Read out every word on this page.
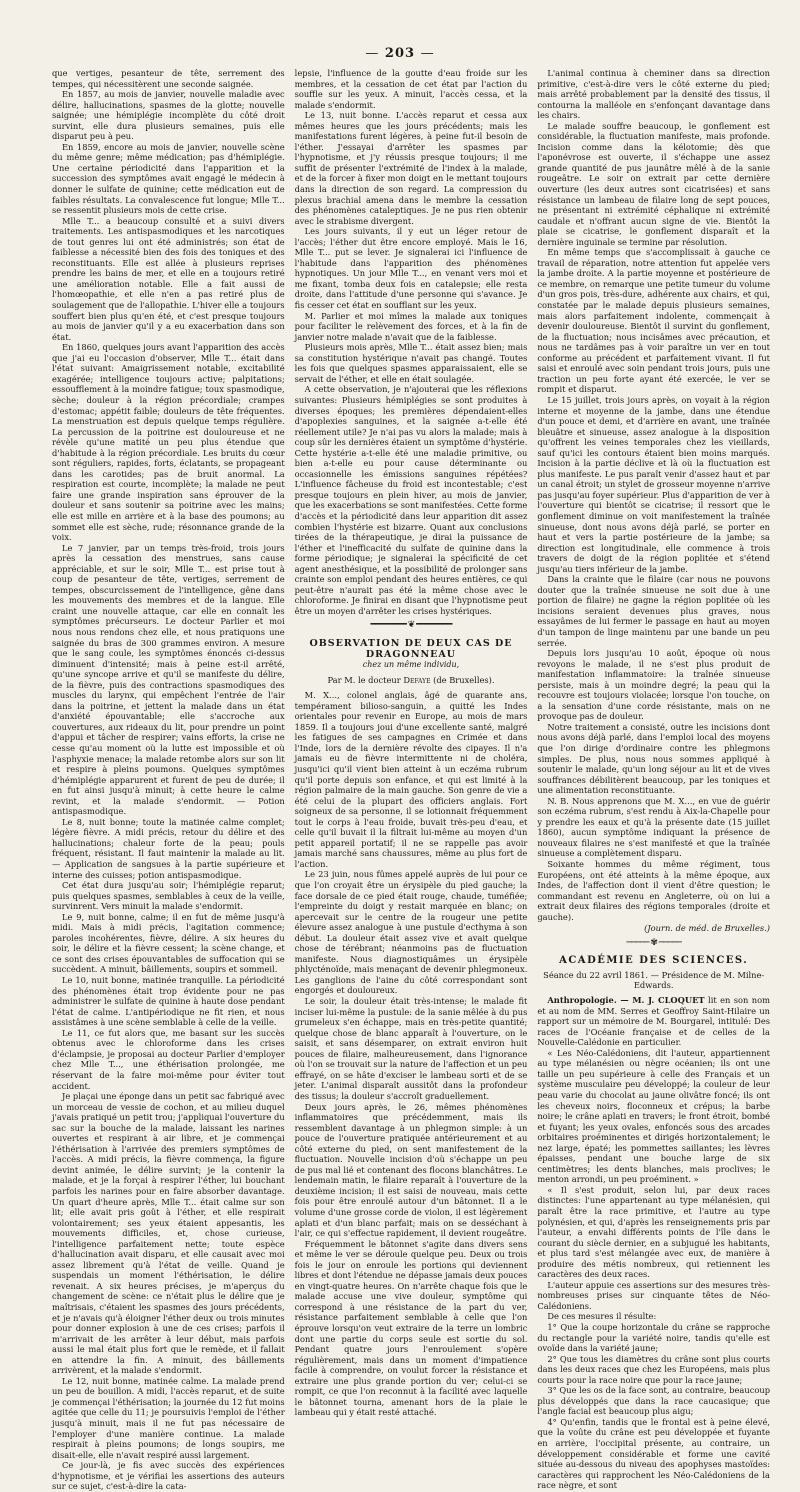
— 203 —

que vertiges, pesanteur de tête, serrement des tempes, qui nécessitèrent une seconde saignée.

En 1857, au mois de janvier, nouvelle maladie avec délire, hallucinations, spasmes de la glotte; nouvelle saignée; une hémiplégie incomplète du côté droit survint, elle dura plusieurs semaines, puis elle disparut peu à peu.

En 1859, encore au mois de janvier, nouvelle scène du même genre; même médication; pas d'hémiplégie. Une certaine périodicité dans l'apparition et la succession des symptômes avait engagé le médecin à donner le sulfate de quinine; cette médication eut de faibles résultats. La convalescence fut longue; Mlle T... se ressentit plusieurs mois de cette crise.

Mlle T... a beaucoup consulté et a suivi divers traitements. Les antispasmodiques et les narcotiques de tout genres lui ont été administrés; son état de faiblesse a nécessité bien des fois des toniques et des reconstituants. Elle est allée à plusieurs reprises prendre les bains de mer, et elle en a toujours retiré une amélioration notable. Elle a fait aussi de l'homœopathie, et elle n'en a pas retiré plus de soulagement que de l'allopathie. L'hiver elle a toujours souffert bien plus qu'en été, et c'est presque toujours au mois de janvier qu'il y a eu exacerbation dans son état.

En 1860, quelques jours avant l'apparition des accès que j'ai eu l'occasion d'observer, Mlle T... était dans l'état suivant: Amaigrissement notable, excitabilité exagérée; intelligence toujours active; palpitations; essoufflement à la moindre fatigue; toux spasmodique, sèche; douleur à la région précordiale; crampes d'estomac; appétit faible; douleurs de tête fréquentes. La menstruation est depuis quelque temps régulière. La percussion de la poitrine est douloureuse et ne révèle qu'une matité un peu plus étendue que d'habitude à la région précordiale. Les bruits du cœur sont réguliers, rapides, forts, éclatants, se propageant dans les carotides; pas de bruit anormal. La respiration est courte, incomplète; la malade ne peut faire une grande inspiration sans éprouver de la douleur et sans soutenir sa poitrine avec les mains; elle est mille en arrière et à la base des poumons; au sommet elle est sèche, rude; résonnance grande de la voix.

Le 7 janvier, par un temps très-froid, trois jours après la cessation des menstrues, sans cause appréciable, et sur le soir, Mlle T... est prise tout à coup de pesanteur de tête, vertiges, serrement de tempes, obscurcissement de l'intelligence, gêne dans les mouvements des membres et de la langue. Elle craint une nouvelle attaque, car elle en connaît les symptômes précurseurs. Le docteur Parlier et moi nous nous rendons chez elle, et nous pratiquons une saignée du bras de 300 grammes environ. A mesure que le sang coule, les symptômes énoncés ci-dessus diminuent d'intensité; mais à peine est-il arrêté, qu'une syncope arrive et qu'il se manifeste du délire, de la fièvre, puis des contractions spasmodiques des muscles du larynx, qui empêchent l'entrée de l'air dans la poitrine, et jettent la malade dans un état d'anxiété épouvantable; elle s'accroche aux couvertures, aux rideaux du lit, pour prendre un point d'appui et tâcher de respirer; vains efforts, la crise ne cesse qu'au moment où la lutte est impossible et où l'asphyxie menace; la malade retombe alors sur son lit et respire à pleins poumons. Quelques symptômes d'hémiplégie apparurent et furent de peu de durée; il en fut ainsi jusqu'à minuit; à cette heure le calme revint, et la malade s'endormit. — Potion antispasmodique.

Le 8, nuit bonne; toute la matinée calme complet; légère fièvre. A midi précis, retour du délire et des hallucinations; chaleur forte de la peau; pouls fréquent, résistant. Il faut maintenir la malade au lit. — Application de sangsues à la partie supérieure et interne des cuisses; potion antispasmodique.

Cet état dura jusqu'au soir; l'hémiplégie reparut; puis quelques spasmes, semblables à ceux de la veille, survinrent. Vers minuit la malade s'endormit.

Le 9, nuit bonne, calme; il en fut de même jusqu'à midi. Mais à midi précis, l'agitation commence; paroles incohérentes, fièvre, délire. A six heures du soir, le délire et la fièvre cessent; la scène change, et ce sont des crises épouvantables de suffocation qui se succèdent. A minuit, bâillements, soupirs et sommeil.

Le 10, nuit bonne, matinée tranquille. La périodicité des phénomènes était trop évidente pour ne pas administrer le sulfate de quinine à haute dose pendant l'état de calme. L'antipériodique ne fit rien, et nous assistâmes à une scène semblable à celle de la veille.

Le 11, ce fut alors que, me basant sur les succès obtenus avec le chloroforme dans les crises d'éclampsie, je proposai au docteur Parlier d'employer chez Mlle T..., une éthérisation prolongée, me réservant de la faire moi-même pour éviter tout accident.

Je plaçai une éponge dans un petit sac fabriqué avec un morceau de vessie de cochon, et au milieu duquel j'avais pratiqué un petit trou; j'appliquai l'ouverture du sac sur la bouche de la malade, laissant les narines ouvertes et respirant à air libre, et je commençai l'éthérisation à l'arrivée des premiers symptômes de l'accès. A midi précis, la fièvre commença, la figure devint animée, le délire survint; je la contenir la malade, et je la forçai à respirer l'éther, lui bouchant parfois les narines pour en faire absorber davantage. Un quart d'heure après, Mlle T... était calme sur son lit; elle avait pris goût à l'éther, et elle respirait volontairement; ses yeux étaient appesantis, les mouvements difficiles, et, chose curieuse, l'intelligence parfaitement nette; toute espèce d'hallucination avait disparu, et elle causait avec moi assez librement qu'à l'état de veille. Quand je suspendais un moment l'éthérisation, le délire revenait. A six heures précises, je m'aperçus du changement de scène: ce n'était plus le délire que je maîtrisais, c'étaient les spasmes des jours précédents, et je n'avais qu'à éloigner l'éther deux ou trois minutes pour donner explosion à une de ces crises; parfois il m'arrivait de les arrêter à leur début, mais parfois aussi le mal était plus fort que le remède, et il fallait en attendre la fin. A minuit, des bâillements arrivèrent, et la malade s'endormit.

Le 12, nuit bonne, matinée calme. La malade prend un peu de bouillon. A midi, l'accès reparut, et de suite je commençai l'éthérisation; la journée du 12 fut moins agitée que celle du 11; je poursuivis l'emploi de l'éther jusqu'à minuit, mais il ne fut pas nécessaire de l'employer d'une manière continue. La malade respirait à pleins poumons; de longs soupirs, me disait-elle, elle n'avait respiré aussi largement.

Ce jour-là, je fis avec succès des expériences d'hypnotisme, et je vérifiai les assertions des auteurs sur ce sujet, c'est-à-dire la cata-

lepsie, l'influence de la goutte d'eau froide sur les membres, et la cessation de cet état par l'action du souffle sur les yeux. A minuit, l'accès cessa, et la malade s'endormit.

Le 13, nuit bonne. L'accès reparut et cessa aux mêmes heures que les jours précédents; mais les manifestations furent légères, à peine fut-il besoin de l'éther. J'essayai d'arrêter les spasmes par l'hypnotisme, et j'y réussis presque toujours; il me suffit de présenter l'extrémité de l'index à la malade, et de la forcer à fixer mon doigt en le mettant toujours dans la direction de son regard. La compression du plexus brachial amena dans le membre la cessation des phénomènes cataleptiques. Je ne pus rien obtenir avec le strabisme divergent.

Les jours suivants, il y eut un léger retour de l'accès; l'éther dut être encore employé. Mais le 16, Mlle T... put se lever. Je signalerai ici l'influence de l'habitude dans l'apparition des phénomènes hypnotiques. Un jour Mlle T..., en venant vers moi et me fixant, tomba deux fois en catalepsie; elle resta droite, dans l'attitude d'une personne qui s'avance. Je fis cesser cet état en soufflant sur les yeux.

M. Parlier et moi mîmes la malade aux toniques pour faciliter le relèvement des forces, et à la fin de janvier notre malade n'avait que de la faiblesse.

Plusieurs mois après, Mlle T... était assez bien; mais sa constitution hystérique n'avait pas changé. Toutes les fois que quelques spasmes apparaissaient, elle se servait de l'éther, et elle en était soulagée.

A cette observation, je n'ajouterai que les réflexions suivantes: Plusieurs hémiplégies se sont produites à diverses époques; les premières dépendaient-elles d'apoplexies sanguines, et la saignée a-t-elle été réellement utile? Je n'ai pas vu alors la malade; mais à coup sûr les dernières étaient un symptôme d'hystérie. Cette hystérie a-t-elle été une maladie primitive, ou bien a-t-elle eu pour cause déterminante ou occasionnelle les émissions sanguines répétées? L'influence fâcheuse du froid est incontestable; c'est presque toujours en plein hiver, au mois de janvier, que les exacerbations se sont manifestées. Cette forme d'accès et la périodicité dans leur apparition dit assez combien l'hystérie est bizarre. Quant aux conclusions tirées de la thérapeutique, je dirai la puissance de l'éther et l'inefficacité du sulfate de quinine dans la forme périodique; je signalerai la spécificité de cet agent anesthésique, et la possibilité de prolonger sans crainte son emploi pendant des heures entières, ce qui peut-être n'aurait pas été la même chose avec le chloroforme. Je finirai en disant que l'hypnotisme peut être un moyen d'arrêter les crises hystériques.

━━━━━━━━ ❦ ━━━━━━━━
OBSERVATION DE DEUX CAS DE DRAGONNEAU
chez un même individu,
Par M. le docteur Defaye (de Bruxelles).

M. X..., colonel anglais, âgé de quarante ans, tempérament bilioso-sanguin, a quitté les Indes orientales pour revenir en Europe, au mois de mars 1859. Il a toujours joui d'une excellente santé, malgré les fatigues de ses campagnes en Crimée et dans l'Inde, lors de la dernière révolte des cipayes. Il n'a jamais eu de fièvre intermittente ni de choléra, jusqu'ici qu'il vient bien atteint à un eczéma rubrum qu'il porte depuis son enfance, et qui est limité à la région palmaire de la main gauche. Son genre de vie a été celui de la plupart des officiers anglais. Fort soigneux de sa personne, il se lotionnait fréquemment tout le corps à l'eau froide, buvait très-peu d'eau, et celle qu'il buvait il la filtrait lui-même au moyen d'un petit appareil portatif; il ne se rappelle pas avoir jamais marché sans chaussures, même au plus fort de l'action.

Le 23 juin, nous fûmes appelé auprès de lui pour ce que l'on croyait être un érysipèle du pied gauche; la face dorsale de ce pied était rouge, chaude, tuméfiée; l'empreinte du doigt y restait marquée en blanc; on apercevait sur le centre de la rougeur une petite élevure assez analogue à une pustule d'ecthyma à son début. La douleur était assez vive et avait quelque chose de térébrant; néanmoins pas de fluctuation manifeste. Nous diagnostiquâmes un érysipèle phlycténoïde, mais menaçant de devenir phlegmoneux. Les ganglions de l'aine du côté correspondant sont engorgés et douloureux.

Le soir, la douleur était très-intense; le malade fit inciser lui-même la pustule: de la sanie mêlée à du pus grumeleux s'en échappe, mais en très-petite quantité; quelque chose de blanc apparaît à l'ouverture, on le saisit, et sans désemparer, on extrait environ huit pouces de filaire, malheureusement, dans l'ignorance où l'on se trouvait sur la nature de l'affection et un peu effrayé, on se hâte d'exciser le lambeau sorti et de se jeter. L'animal disparaît aussitôt dans la profondeur des tissus; la douleur s'accroît graduellement.

Deux jours après, le 26, mêmes phénomènes inflammatoires que précédemment, mais ils ressemblent davantage à un phlegmon simple: à un pouce de l'ouverture pratiquée antérieurement et au côté externe du pied, on sent manifestement de la fluctuation. Nouvelle incision d'où s'échappe un peu de pus mal lié et contenant des flocons blanchâtres. Le lendemain matin, le filaire reparaît à l'ouverture de la deuxième incision; il est saisi de nouveau, mais cette fois pour être enroulé autour d'un bâtonnet. Il a le volume d'une grosse corde de violon, il est légèrement aplati et d'un blanc parfait; mais on se desséchant à l'air, ce qui s'effectue rapidement, il devient rougeâtre.

Fréquemment le bâtonnet s'agite dans divers sens et même le ver se déroule quelque peu. Deux ou trois fois le jour on enroule les portions qui deviennent libres et dont l'étendue ne dépasse jamais deux pouces en vingt-quatre heures. On n'arrête chaque fois que le malade accuse une vive douleur, symptôme qui correspond à une résistance de la part du ver, résistance parfaitement semblable à celle que l'on éprouve lorsqu'on veut extraire de la terre un lombric dont une partie du corps seule est sortie du sol. Pendant quatre jours l'enroulement s'opère régulièrement, mais dans un moment d'impatience facile à comprendre, on voulut forcer la résistance et extraire une plus grande portion du ver; celui-ci se rompit, ce que l'on reconnut à la facilité avec laquelle le bâtonnet tourna, amenant hors de la plaie le lambeau qui y était resté attaché.

L'animal continua à cheminer dans sa direction primitive, c'est-à-dire vers le côté externe du pied; mais arrêté probablement par la densité des tissus, il contourna la malléole en s'enfonçant davantage dans les chairs.

Le malade souffre beaucoup, le gonflement est considérable, la fluctuation manifeste, mais profonde. Incision comme dans la kélotomie; dès que l'aponévrose est ouverte, il s'échappe une assez grande quantité de pus jaunâtre mêlé à de la sanie rougeâtre. Le soir on extrait par cette dernière ouverture (les deux autres sont cicatrisées) et sans résistance un lambeau de filaire long de sept pouces, ne présentant ni extrémité céphalique ni extrémité caudale et n'offrant aucun signe de vie. Bientôt la plaie se cicatrise, le gonflement disparaît et la dernière inguinale se termine par résolution.

En même temps que s'accomplissait à gauche ce travail de réparation, notre attention fut appelée vers la jambe droite. A la partie moyenne et postérieure de ce membre, on remarque une petite tumeur du volume d'un gros pois, très-dure, adhérente aux chairs, et qui, constatée par le malade depuis plusieurs semaines, mais alors parfaitement indolente, commençait à devenir douloureuse. Bientôt il survint du gonflement, de la fluctuation; nous incisâmes avec précaution, et nous ne tardâmes pas à voir paraître un ver en tout conforme au précédent et parfaitement vivant. Il fut saisi et enroulé avec soin pendant trois jours, puis une traction un peu forte ayant été exercée, le ver se rompit et disparut.

Le 15 juillet, trois jours après, on voyait à la région interne et moyenne de la jambe, dans une étendue d'un pouce et demi, et d'arrière en avant, une traînée bleuâtre et sinueuse, assez analogue à la disposition qu'offrent les veines temporales chez les vieillards, sauf qu'ici les contours étaient bien moins marqués. Incision à la partie déclive et là où la fluctuation est plus manifeste. Le pus paraît venir d'assez haut et par un canal étroit; un stylet de grosseur moyenne n'arrive pas jusqu'au foyer supérieur. Plus d'apparition de ver à l'ouverture qui bientôt se cicatrise; il ressort que le gonflement diminue on voit manifestement la traînée sinueuse, dont nous avons déjà parlé, se porter en haut et vers la partie postérieure de la jambe; sa direction est longitudinale, elle commence à trois travers de doigt de la région poplitée et s'étend jusqu'au tiers inférieur de la jambe.

Dans la crainte que le filaire (car nous ne pouvons douter que la traînée sinueuse ne soit due à une portion de filaire) ne gagne la région poplitée où les incisions seraient devenues plus graves, nous essayâmes de lui fermer le passage en haut au moyen d'un tampon de linge maintenu par une bande un peu serrée.

Depuis lors jusqu'au 10 août, époque où nous revoyons le malade, il ne s'est plus produit de manifestation inflammatoire: la traînée sinueuse persiste, mais à un moindre degré; la peau qui la recouvre est toujours violacée; lorsque l'on touche, on a la sensation d'une corde résistante, mais on ne provoque pas de douleur.

Notre traitement a consisté, outre les incisions dont nous avons déjà parlé, dans l'emploi local des moyens que l'on dirige d'ordinaire contre les phlegmons simples. De plus, nous nous sommes appliqué à soutenir le malade, qu'un long séjour au lit et de vives souffrances débilitèrent beaucoup, par les toniques et une alimentation reconstituante.

N. B. Nous apprenons que M. X..., en vue de guérir son eczéma rubrum, s'est rendu à Aix-la-Chapelle pour y prendre les eaux et qu'à la présente date (15 juillet 1860), aucun symptôme indiquant la présence de nouveaux filaires ne s'est manifesté et que la traînée sinueuse a complètement disparu.

Soixante hommes du même régiment, tous Européens, ont été atteints à la même époque, aux Indes, de l'affection dont il vient d'être question; le commandant est revenu en Angleterre, où on lui a extrait deux filaires des régions temporales (droite et gauche).

(Journ. de méd. de Bruxelles.)
───── ✾ ─────
ACADÉMIE DES SCIENCES.
Séance du 22 avril 1861. — Présidence de M. Milne-Edwards.

Anthropologie. — M. J. CLOQUET lit en son nom et au nom de MM. Serres et Geoffroy Saint-Hilaire un rapport sur un mémoire de M. Bourgarel, intitulé: Des races de l'Océanie française et de celles de la Nouvelle-Calédonie en particulier.

« Les Néo-Calédoniens, dit l'auteur, appartiennent au type mélanésien ou nègre océanien; ils ont une taille un peu supérieure à celle des Français et un système musculaire peu développé; la couleur de leur peau varie du chocolat au jaune olivâtre foncé; ils ont les cheveux noirs, floconneux et crépus; la barbe noire; le crâne aplati en travers; le front étroit, bombé et fuyant; les yeux ovales, enfoncés sous des arcades orbitaires proéminentes et dirigés horizontalement; le nez large, épaté; les pommettes saillantes; les lèvres épaisses, pendant une bouche large de six centimètres; les dents blanches, mais proclives; le menton arrondi, un peu proéminent. »

« Il s'est produit, selon lui, par deux races distinctes: l'une appartenant au type mélanésien, qui paraît être la race primitive, et l'autre au type polynésien, et qui, d'après les renseignements pris par l'auteur, a envahi différents points de l'île dans le courant du siècle dernier, en a subjugué les habitants, et plus tard s'est mélangée avec eux, de manière à produire des métis nombreux, qui retiennent les caractères des deux races.

L'auteur appuie ces assertions sur des mesures très-nombreuses prises sur cinquante têtes de Néo-Calédoniens.

De ces mesures il résulte:

1° Que la coupe horizontale du crâne se rapproche du rectangle pour la variété noire, tandis qu'elle est ovoïde dans la variété jaune;

2° Que tous les diamètres du crâne sont plus courts dans les deux races que chez les Européens, mais plus courts pour la race noire que pour la race jaune;

3° Que les os de la face sont, au contraire, beaucoup plus développés que dans la race caucasique; que l'angle facial est beaucoup plus aigu;

4° Qu'enfin, tandis que le frontal est à peine élevé, que la voûte du crâne est peu développée et fuyante en arrière, l'occipital présente, au contraire, un développement considérable et forme une cavité située au-dessous du niveau des apophyses mastoïdes: caractères qui rapprochent les Néo-Calédoniens de la race nègre, et sont
